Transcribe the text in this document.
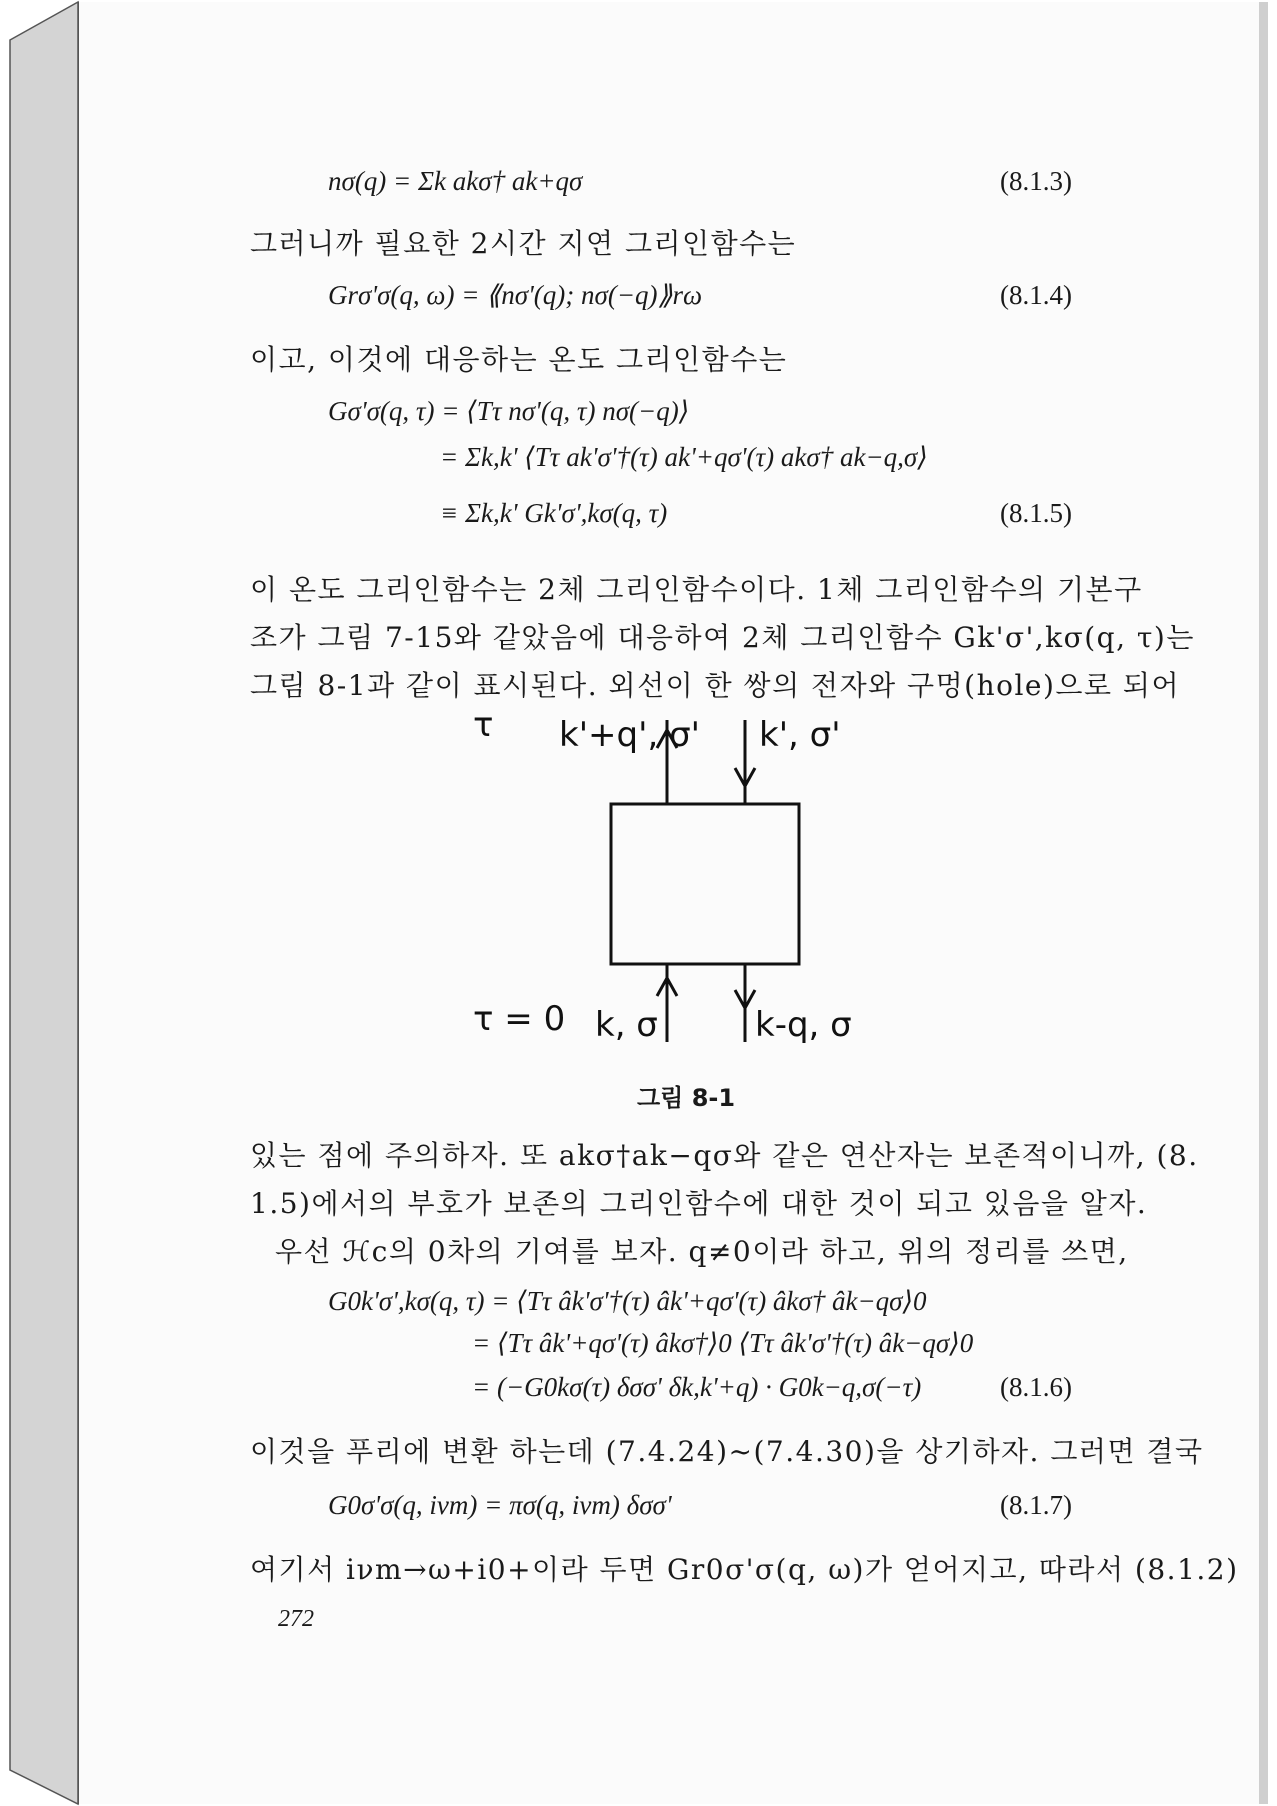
nσ(q) = Σk akσ† ak+qσ	(8.1.3)
그러니까 필요한 2시간 지연 그리인함수는
Grσ'σ(q, ω) = ⟪nσ'(q); nσ(−q)⟫rω	(8.1.4)
이고, 이것에 대응하는 온도 그리인함수는
Gσ'σ(q, τ) = ⟨Tτ nσ'(q, τ) nσ(−q)⟩
= Σk,k' ⟨Tτ ak'σ'†(τ) ak'+qσ'(τ) akσ† ak−q,σ⟩
≡ Σk,k' Gk'σ',kσ(q, τ)	(8.1.5)
이 온도 그리인함수는 2체 그리인함수이다. 1체 그리인함수의 기본구
조가 그림 7-15와 같았음에 대응하여 2체 그리인함수 Gk'σ',kσ(q, τ)는
그림 8-1과 같이 표시된다. 외선이 한 쌍의 전자와 구멍(hole)으로 되어
τ k'+q', σ' k', σ'
τ = 0 k, σ	k-q, σ
그림 8-1
있는 점에 주의하자. 또 akσ†ak−qσ와 같은 연산자는 보존적이니까, (8.
1.5)에서의 부호가 보존의 그리인함수에 대한 것이 되고 있음을 알자.
우선 ℋc의 0차의 기여를 보자. q≠0이라 하고, 위의 정리를 쓰면,
G0k'σ',kσ(q, τ) = ⟨Tτ âk'σ'†(τ) âk'+qσ'(τ) âkσ† âk−qσ⟩0
= ⟨Tτ âk'+qσ'(τ) âkσ†⟩0 ⟨Tτ âk'σ'†(τ) âk−qσ⟩0
= (−G0kσ(τ) δσσ' δk,k'+q) · G0k−q,σ(−τ)	(8.1.6)
이것을 푸리에 변환 하는데 (7.4.24)~(7.4.30)을 상기하자. 그러면 결국
G0σ'σ(q, iνm) = πσ(q, iνm) δσσ'	(8.1.7)
여기서 iνm→ω+i0+이라 두면 Gr0σ'σ(q, ω)가 얻어지고, 따라서 (8.1.2)
272
